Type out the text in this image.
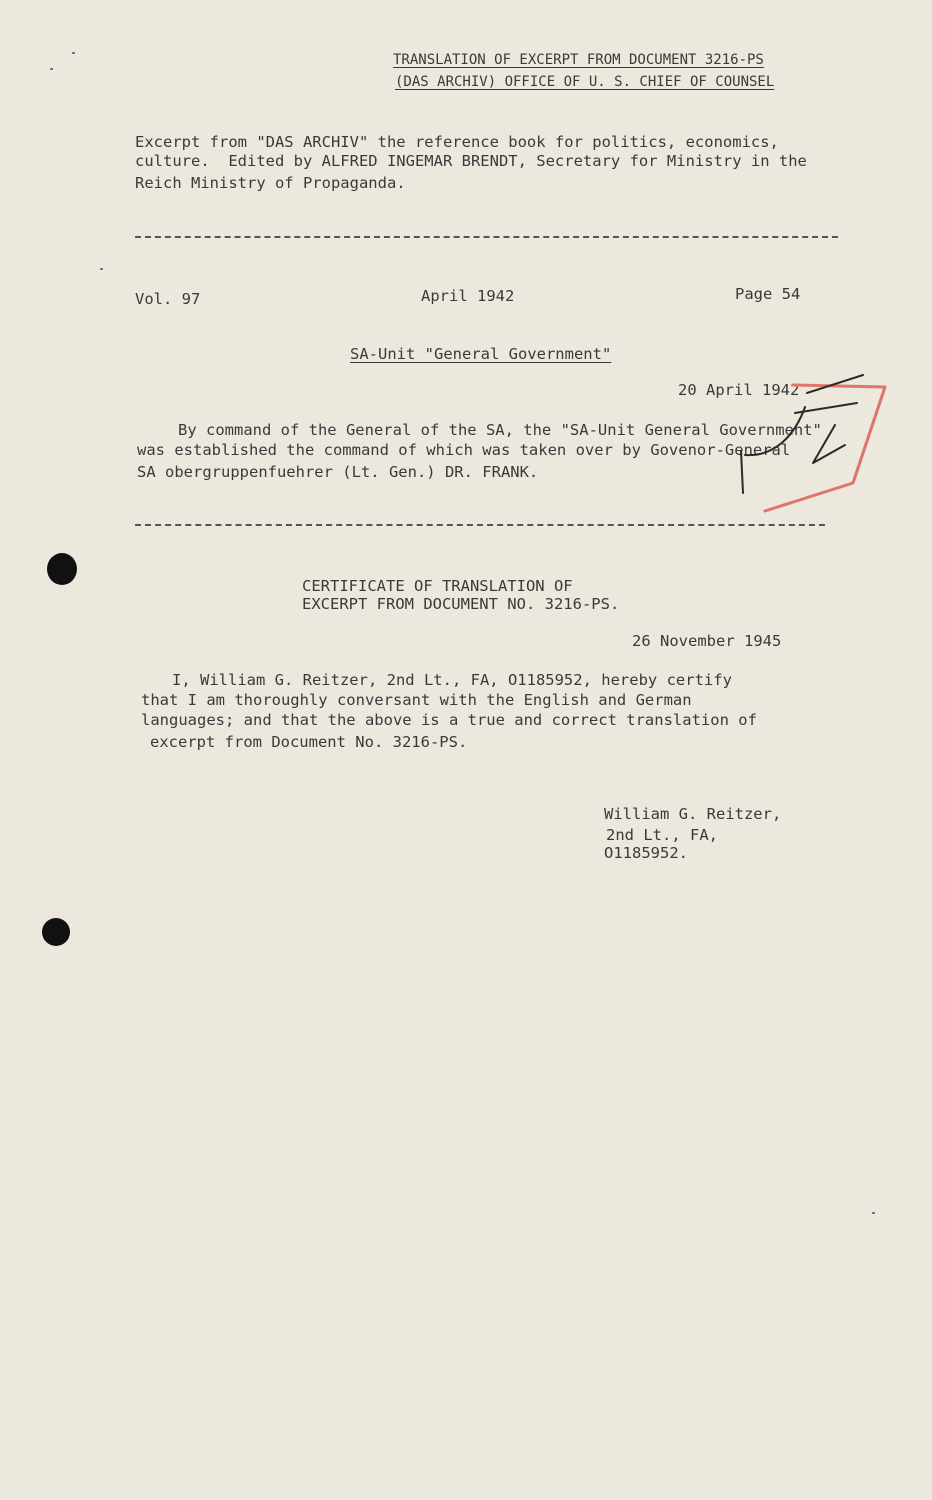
TRANSLATION OF EXCERPT FROM DOCUMENT 3216-PS
(DAS ARCHIV) OFFICE OF U. S. CHIEF OF COUNSEL
Excerpt from "DAS ARCHIV" the reference book for politics, economics,
culture.  Edited by ALFRED INGEMAR BRENDT, Secretary for Ministry in the
Reich Ministry of Propaganda.
Vol. 97	April 1942	Page 54
SA-Unit "General Government"
20 April 1942
By command of the General of the SA, the "SA-Unit General Government"
was established the command of which was taken over by Govenor-General
SA obergruppenfuehrer (Lt. Gen.) DR. FRANK.
CERTIFICATE OF TRANSLATION OF
EXCERPT FROM DOCUMENT NO. 3216-PS.
26 November 1945
I, William G. Reitzer, 2nd Lt., FA, O1185952, hereby certify
that I am thoroughly conversant with the English and German
languages; and that the above is a true and correct translation of
excerpt from Document No. 3216-PS.
William G. Reitzer,
2nd Lt., FA,
O1185952.
